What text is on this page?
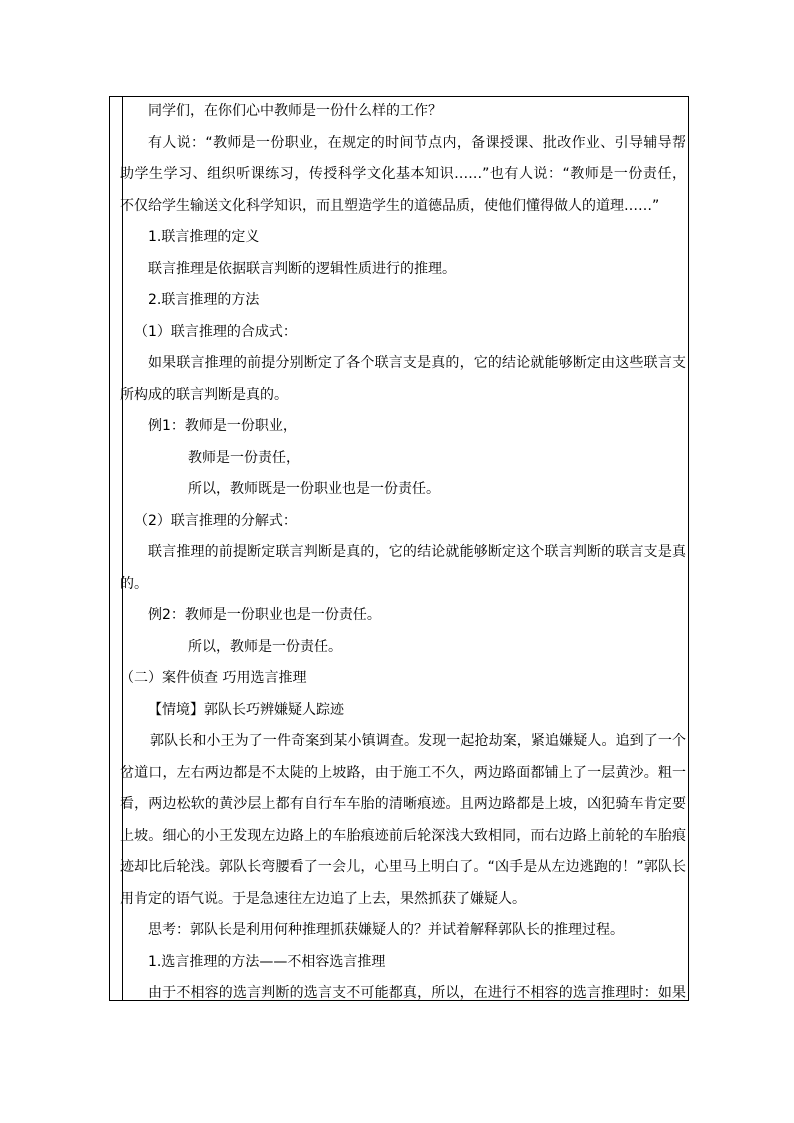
同学们，在你们心中教师是一份什么样的工作？
有人说：“教师是一份职业，在规定的时间节点内，备课授课、批改作业、引导辅导帮
助学生学习、组织听课练习，传授科学文化基本知识……”也有人说：“教师是一份责任，
不仅给学生输送文化科学知识，而且塑造学生的道德品质，使他们懂得做人的道理……”
1.联言推理的定义
联言推理是依据联言判断的逻辑性质进行的推理。
2.联言推理的方法
（1）联言推理的合成式：
如果联言推理的前提分别断定了各个联言支是真的，它的结论就能够断定由这些联言支
所构成的联言判断是真的。
例1：教师是一份职业，
教师是一份责任，
所以，教师既是一份职业也是一份责任。
（2）联言推理的分解式：
联言推理的前提断定联言判断是真的，它的结论就能够断定这个联言判断的联言支是真
的。
例2：教师是一份职业也是一份责任。
所以，教师是一份责任。
（二）案件侦查 巧用选言推理
【情境】郭队长巧辨嫌疑人踪迹
郭队长和小王为了一件奇案到某小镇调查。发现一起抢劫案，紧追嫌疑人。追到了一个
岔道口，左右两边都是不太陡的上坡路，由于施工不久，两边路面都铺上了一层黄沙。粗一
看，两边松软的黄沙层上都有自行车车胎的清晰痕迹。且两边路都是上坡，凶犯骑车肯定要
上坡。细心的小王发现左边路上的车胎痕迹前后轮深浅大致相同，而右边路上前轮的车胎痕
迹却比后轮浅。郭队长弯腰看了一会儿，心里马上明白了。“凶手是从左边逃跑的！”郭队长
用肯定的语气说。于是急速往左边追了上去，果然抓获了嫌疑人。
思考：郭队长是利用何种推理抓获嫌疑人的？并试着解释郭队长的推理过程。
1.选言推理的方法——不相容选言推理
由于不相容的选言判断的选言支不可能都真，所以，在进行不相容的选言推理时：如果
